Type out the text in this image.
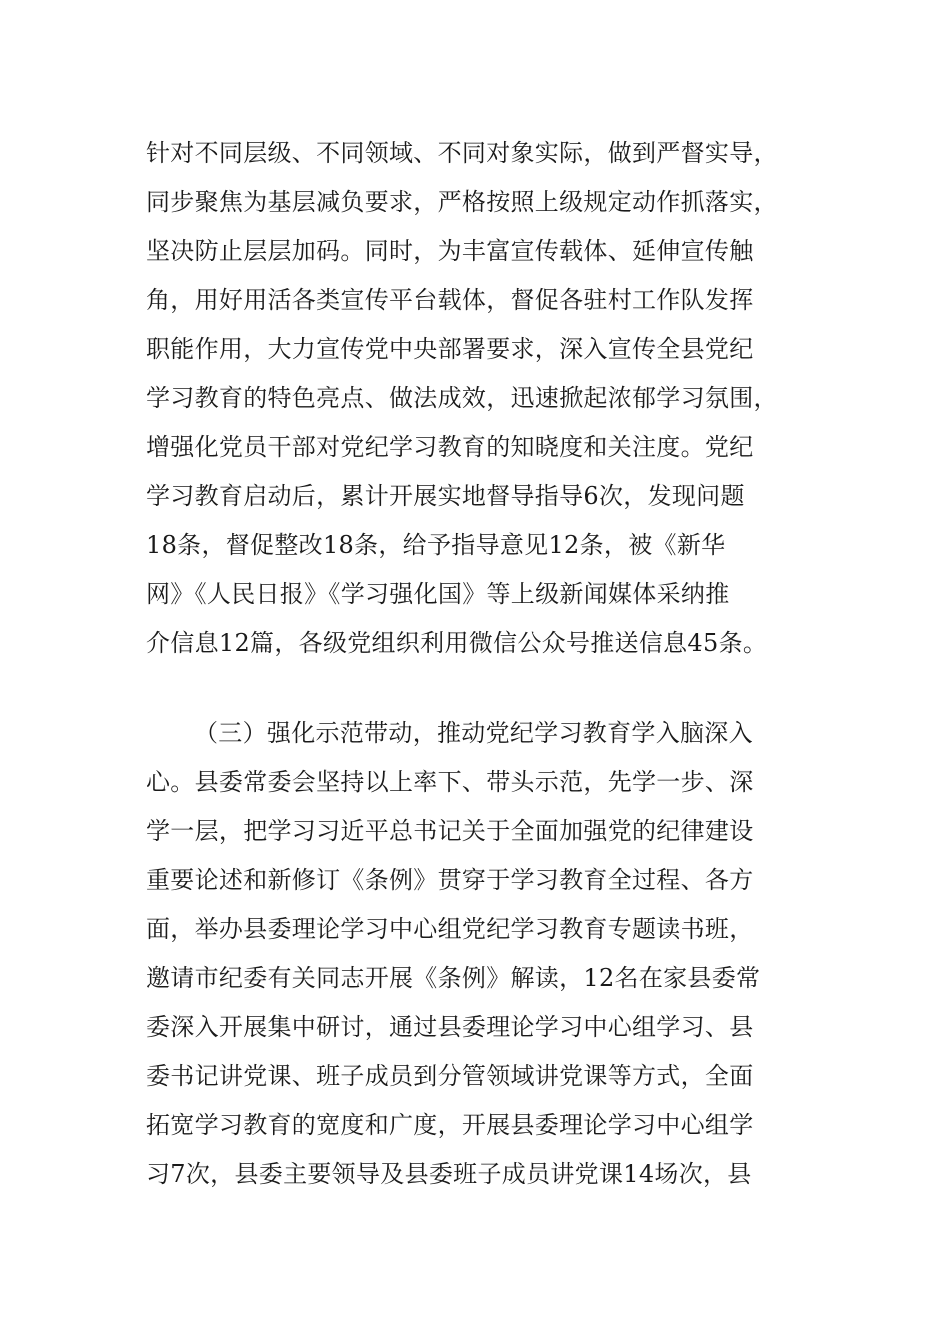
针对不同层级、不同领域、不同对象实际，做到严督实导，

同步聚焦为基层减负要求，严格按照上级规定动作抓落实，

坚决防止层层加码。同时，为丰富宣传载体、延伸宣传触

角，用好用活各类宣传平台载体，督促各驻村工作队发挥

职能作用，大力宣传党中央部署要求，深入宣传全县党纪

学习教育的特色亮点、做法成效，迅速掀起浓郁学习氛围，

增强化党员干部对党纪学习教育的知晓度和关注度。党纪

学习教育启动后，累计开展实地督导指导6次，发现问题

18条，督促整改18条，给予指导意见12条，被《新华

网》《人民日报》《学习强化国》等上级新闻媒体采纳推

介信息12篇，各级党组织利用微信公众号推送信息45条。

（三）强化示范带动，推动党纪学习教育学入脑深入

心。县委常委会坚持以上率下、带头示范，先学一步、深

学一层，把学习习近平总书记关于全面加强党的纪律建设

重要论述和新修订《条例》贯穿于学习教育全过程、各方

面，举办县委理论学习中心组党纪学习教育专题读书班，

邀请市纪委有关同志开展《条例》解读，12名在家县委常

委深入开展集中研讨，通过县委理论学习中心组学习、县

委书记讲党课、班子成员到分管领域讲党课等方式，全面

拓宽学习教育的宽度和广度，开展县委理论学习中心组学

习7次，县委主要领导及县委班子成员讲党课14场次，县
